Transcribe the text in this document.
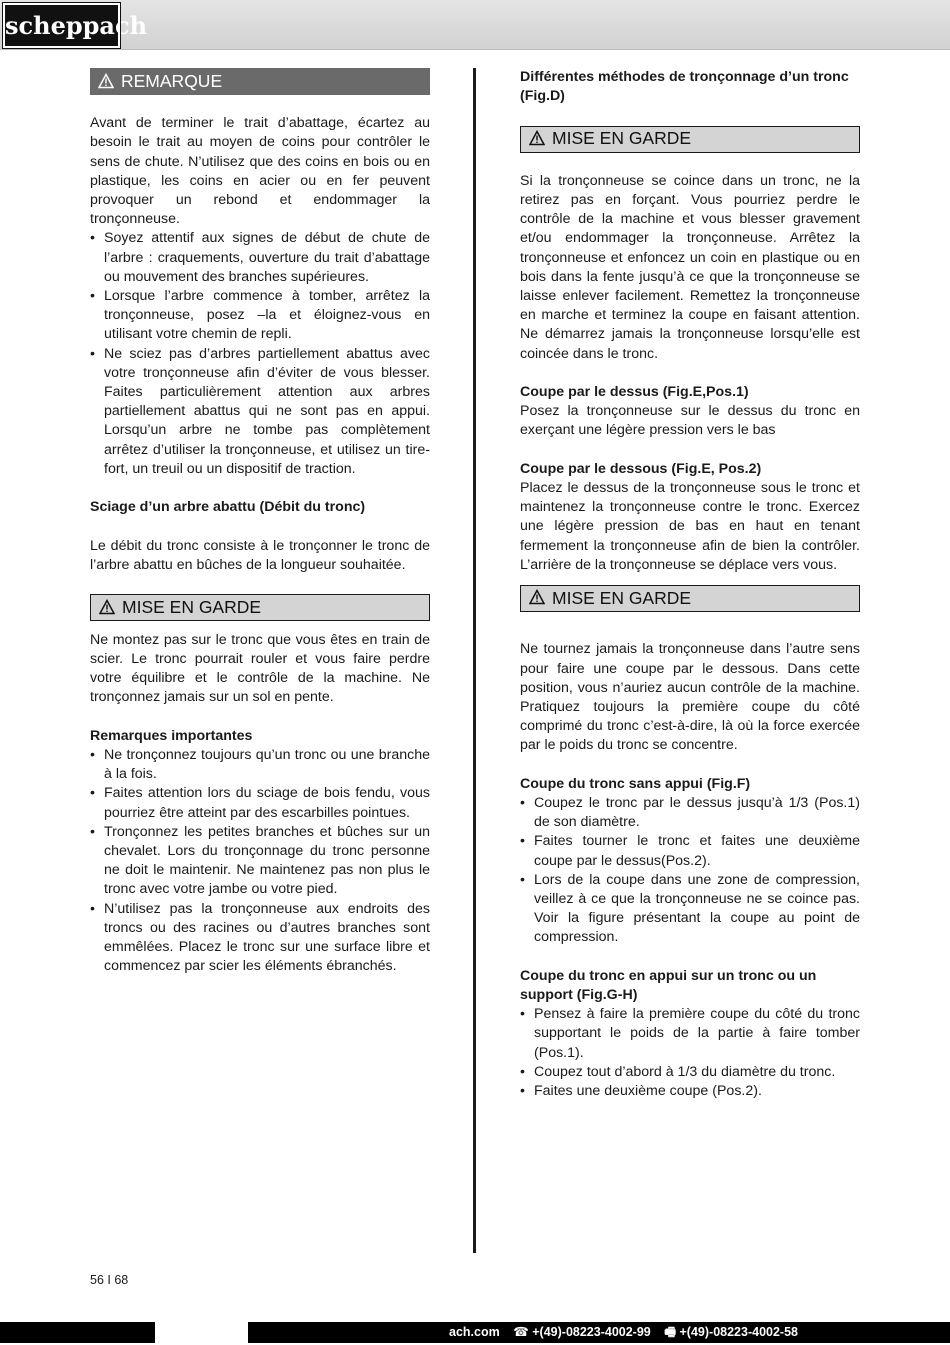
scheppach
REMARQUE

Avant de terminer le trait d’abattage, écartez au besoin le trait au moyen de coins pour contrôler le sens de chute. N’utilisez que des coins en bois ou en plastique, les coins en acier ou en fer peuvent provoquer un rebond et endommager la tronçonneuse.

• Soyez attentif aux signes de début de chute de l’arbre : craquements, ouverture du trait d’abattage ou mouvement des branches supérieures.
• Lorsque l’arbre commence à tomber, arrêtez la tronçonneuse, posez –la et éloignez-vous en utilisant votre chemin de repli.
• Ne sciez pas d’arbres partiellement abattus avec votre tronçonneuse afin d’éviter de vous blesser. Faites particulièrement attention aux arbres partiellement abattus qui ne sont pas en appui. Lorsqu’un arbre ne tombe pas complètement arrêtez d’utiliser la tronçonneuse, et utilisez un tire-fort, un treuil ou un dispositif de traction.

Sciage d’un arbre abattu (Débit du tronc)

Le débit du tronc consiste à le tronçonner le tronc de l’arbre abattu en bûches de la longueur souhaitée.

MISE EN GARDE

Ne montez pas sur le tronc que vous êtes en train de scier. Le tronc pourrait rouler et vous faire perdre votre équilibre et le contrôle de la machine. Ne tronçonnez jamais sur un sol en pente.

Remarques importantes

• Ne tronçonnez toujours qu’un tronc ou une branche à la fois.
• Faites attention lors du sciage de bois fendu, vous pourriez être atteint par des escarbilles pointues.
• Tronçonnez les petites branches et bûches sur un chevalet. Lors du tronçonnage du tronc personne ne doit le maintenir. Ne maintenez pas non plus le tronc avec votre jambe ou votre pied.
• N’utilisez pas la tronçonneuse aux endroits des troncs ou des racines ou d’autres branches sont emmêlées. Placez le tronc sur une surface libre et commencez par scier les éléments ébranchés.

Différentes méthodes de tronçonnage d’un tronc (Fig.D)

MISE EN GARDE

Si la tronçonneuse se coince dans un tronc, ne la retirez pas en forçant. Vous pourriez perdre le contrôle de la machine et vous blesser gravement et/ou endommager la tronçonneuse. Arrêtez la tronçonneuse et enfoncez un coin en plastique ou en bois dans la fente jusqu’à ce que la tronçonneuse se laisse enlever facilement. Remettez la tronçonneuse en marche et terminez la coupe en faisant attention. Ne démarrez jamais la tronçonneuse lorsqu’elle est coincée dans le tronc.

Coupe par le dessus (Fig.E,Pos.1)

Posez la tronçonneuse sur le dessus du tronc en exerçant une légère pression vers le bas

Coupe par le dessous (Fig.E, Pos.2)

Placez le dessus de la tronçonneuse sous le tronc et maintenez la tronçonneuse contre le tronc. Exercez une légère pression de bas en haut en tenant fermement la tronçonneuse afin de bien la contrôler. L’arrière de la tronçonneuse se déplace vers vous.

MISE EN GARDE

Ne tournez jamais la tronçonneuse dans l’autre sens pour faire une coupe par le dessous. Dans cette position, vous n’auriez aucun contrôle de la machine. Pratiquez toujours la première coupe du côté comprimé du tronc c’est-à-dire, là où la force exercée par le poids du tronc se concentre.

Coupe du tronc sans appui (Fig.F)

• Coupez le tronc par le dessus jusqu’à 1/3 (Pos.1) de son diamètre.
• Faites tourner le tronc et faites une deuxième coupe par le dessus(Pos.2).
• Lors de la coupe dans une zone de compression, veillez à ce que la tronçonneuse ne se coince pas. Voir la figure présentant la coupe au point de compression.

Coupe du tronc en appui sur un tronc ou un support (Fig.G-H)

• Pensez à faire la première coupe du côté du tronc supportant le poids de la partie à faire tomber (Pos.1).
• Coupez tout d’abord à 1/3 du diamètre du tronc.
• Faites une deuxième coupe (Pos.2).
56 I 68
ach.com ☎ +(49)-08223-4002-99 🖷 +(49)-08223-4002-58
